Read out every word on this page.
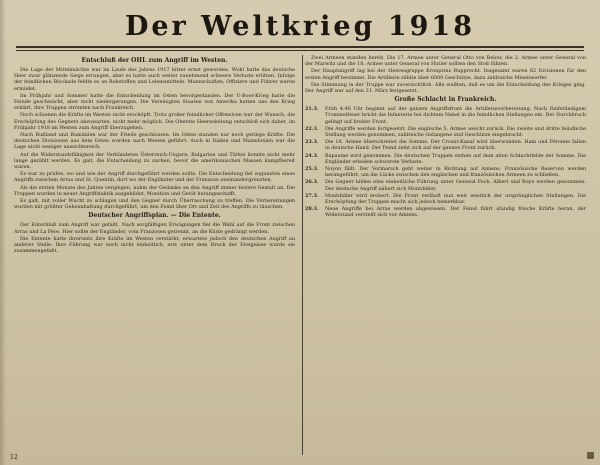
Der Weltkrieg 1918
Entschluß der OHL zum Angriff im Westen.

Die Lage der Mittelmächte war im Laufe des Jahres 1917 bitter ernst geworden. Wohl hatte das deutsche Heer zwar glänzende Siege errungen, aber es hatte auch weiter zunehmend schwere Verluste erlitten. Infolge der feindlichen Blockade fehlte es an Rohstoffen und Lebensmitteln. Mannschaften, Offiziere und Führer waren ermüdet.

Im Frühjahr und Sommer hatte die Entscheidung im Osten bevorgestanden. Der U-Boot-Krieg hatte die Feinde geschwächt, aber nicht niedergerungen. Die Vereinigten Staaten von Amerika hatten uns den Krieg erklärt, ihre Truppen strömten nach Frankreich.

Noch schienen die Kräfte im Westen nicht erschöpft. Trotz großer feindlicher Offensiven war der Wunsch, die Erschöpfung des Gegners abzuwarten, nicht mehr möglich. Die Oberste Heeresleitung entschloß sich daher, im Frühjahr 1918 im Westen zum Angriff überzugehen.

Nach Rußland und Rumänien war der Friede geschlossen. Im Osten standen nur noch geringe Kräfte. Die deutschen Divisionen aus dem Osten wurden nach Westen geführt. Auch in Italien und Mazedonien war die Lage nicht weniger aussichtsreich.

Auf die Widerstandsfähigkeit der Verbündeten Österreich-Ungarn, Bulgarien und Türkei konnte nicht mehr lange gezählt werden. Es galt, die Entscheidung zu suchen, bevor die amerikanischen Massen kampfbereit waren.

Es war zu prüfen, wo und wie der Angriff durchgeführt werden sollte. Die Entscheidung fiel zugunsten eines Angriffs zwischen Arras und St. Quentin, dort wo der Engländer und der Franzose aneinandergrenzten.

Als die ersten Monate des Jahres vergingen, nahm der Gedanke an den Angriff immer festere Gestalt an. Die Truppen wurden in neuer Angriffstaktik ausgebildet, Munition und Gerät herangeschafft.

Es galt, mit voller Wucht zu schlagen und den Gegner durch Überraschung zu treffen. Die Vorbereitungen wurden mit größter Geheimhaltung durchgeführt, um den Feind über Ort und Zeit des Angriffs zu täuschen.

Deutscher Angriffsplan. — Die Entente.

Der Entschluß zum Angriff war gefaßt. Nach sorgfältigen Erwägungen fiel die Wahl auf die Front zwischen Arras und La Fère. Hier sollte der Engländer, vom Franzosen getrennt, an die Küste gedrängt werden.

Die Entente hatte ihrerseits ihre Kräfte im Westen verstärkt, erwartete jedoch den deutschen Angriff an anderer Stelle. Ihre Führung war noch nicht einheitlich, erst unter dem Druck der Ereignisse wurde sie zusammengefaßt.

Zwei Armeen standen bereit. Die 17. Armee unter General Otto von Below, die 2. Armee unter General von der Marwitz und die 18. Armee unter General von Hutier sollten den Stoß führen.

Der Hauptangriff lag bei der Heeresgruppe Kronprinz Rupprecht. Insgesamt waren 62 Divisionen für den ersten Angriff bestimmt. Die Artillerie zählte über 6000 Geschütze, dazu zahlreiche Minenwerfer.

Die Stimmung in der Truppe war zuversichtlich. Alle wußten, daß es um die Entscheidung des Krieges ging. Der Angriff war auf den 21. März festgesetzt.

Große Schlacht in Frankreich.
21.3.	Früh 4.40 Uhr beginnt auf der ganzen Angriffsfront die Artillerievorbereitung. Nach fünfstündigem Trommelfeuer bricht die Infanterie bei dichtem Nebel in die feindlichen Stellungen ein. Der Durchbruch gelingt auf breiter Front.
22.3.	Die Angriffe werden fortgesetzt. Die englische 5. Armee weicht zurück. Die zweite und dritte feindliche Stellung werden genommen, zahlreiche Gefangene und Geschütze eingebracht.
23.3.	Die 18. Armee überschreitet die Somme. Der Crozat-Kanal wird überwunden. Ham und Péronne fallen in deutsche Hand. Der Feind zieht sich auf der ganzen Front zurück.
24.3.	Bapaume wird genommen. Die deutschen Truppen stehen auf dem alten Schlachtfelde der Somme. Die Engländer erleiden schwerste Verluste.
25.3.	Noyon fällt. Der Vormarsch geht weiter in Richtung auf Amiens. Französische Reserven werden herangeführt, um die Lücke zwischen den englischen und französischen Armeen zu schließen.
26.3.	Die Gegner bilden eine einheitliche Führung unter General Foch. Albert und Roye werden genommen. Der deutsche Angriff nähert sich Montdidier.
27.3.	Montdidier wird erobert. Die Front verläuft nun weit westlich der ursprünglichen Stellungen. Die Erschöpfung der Truppen macht sich jedoch bemerkbar.
28.3.	Neue Angriffe bei Arras werden abgewiesen. Der Feind führt ständig frische Kräfte heran, der Widerstand versteift sich vor Amiens.
12
